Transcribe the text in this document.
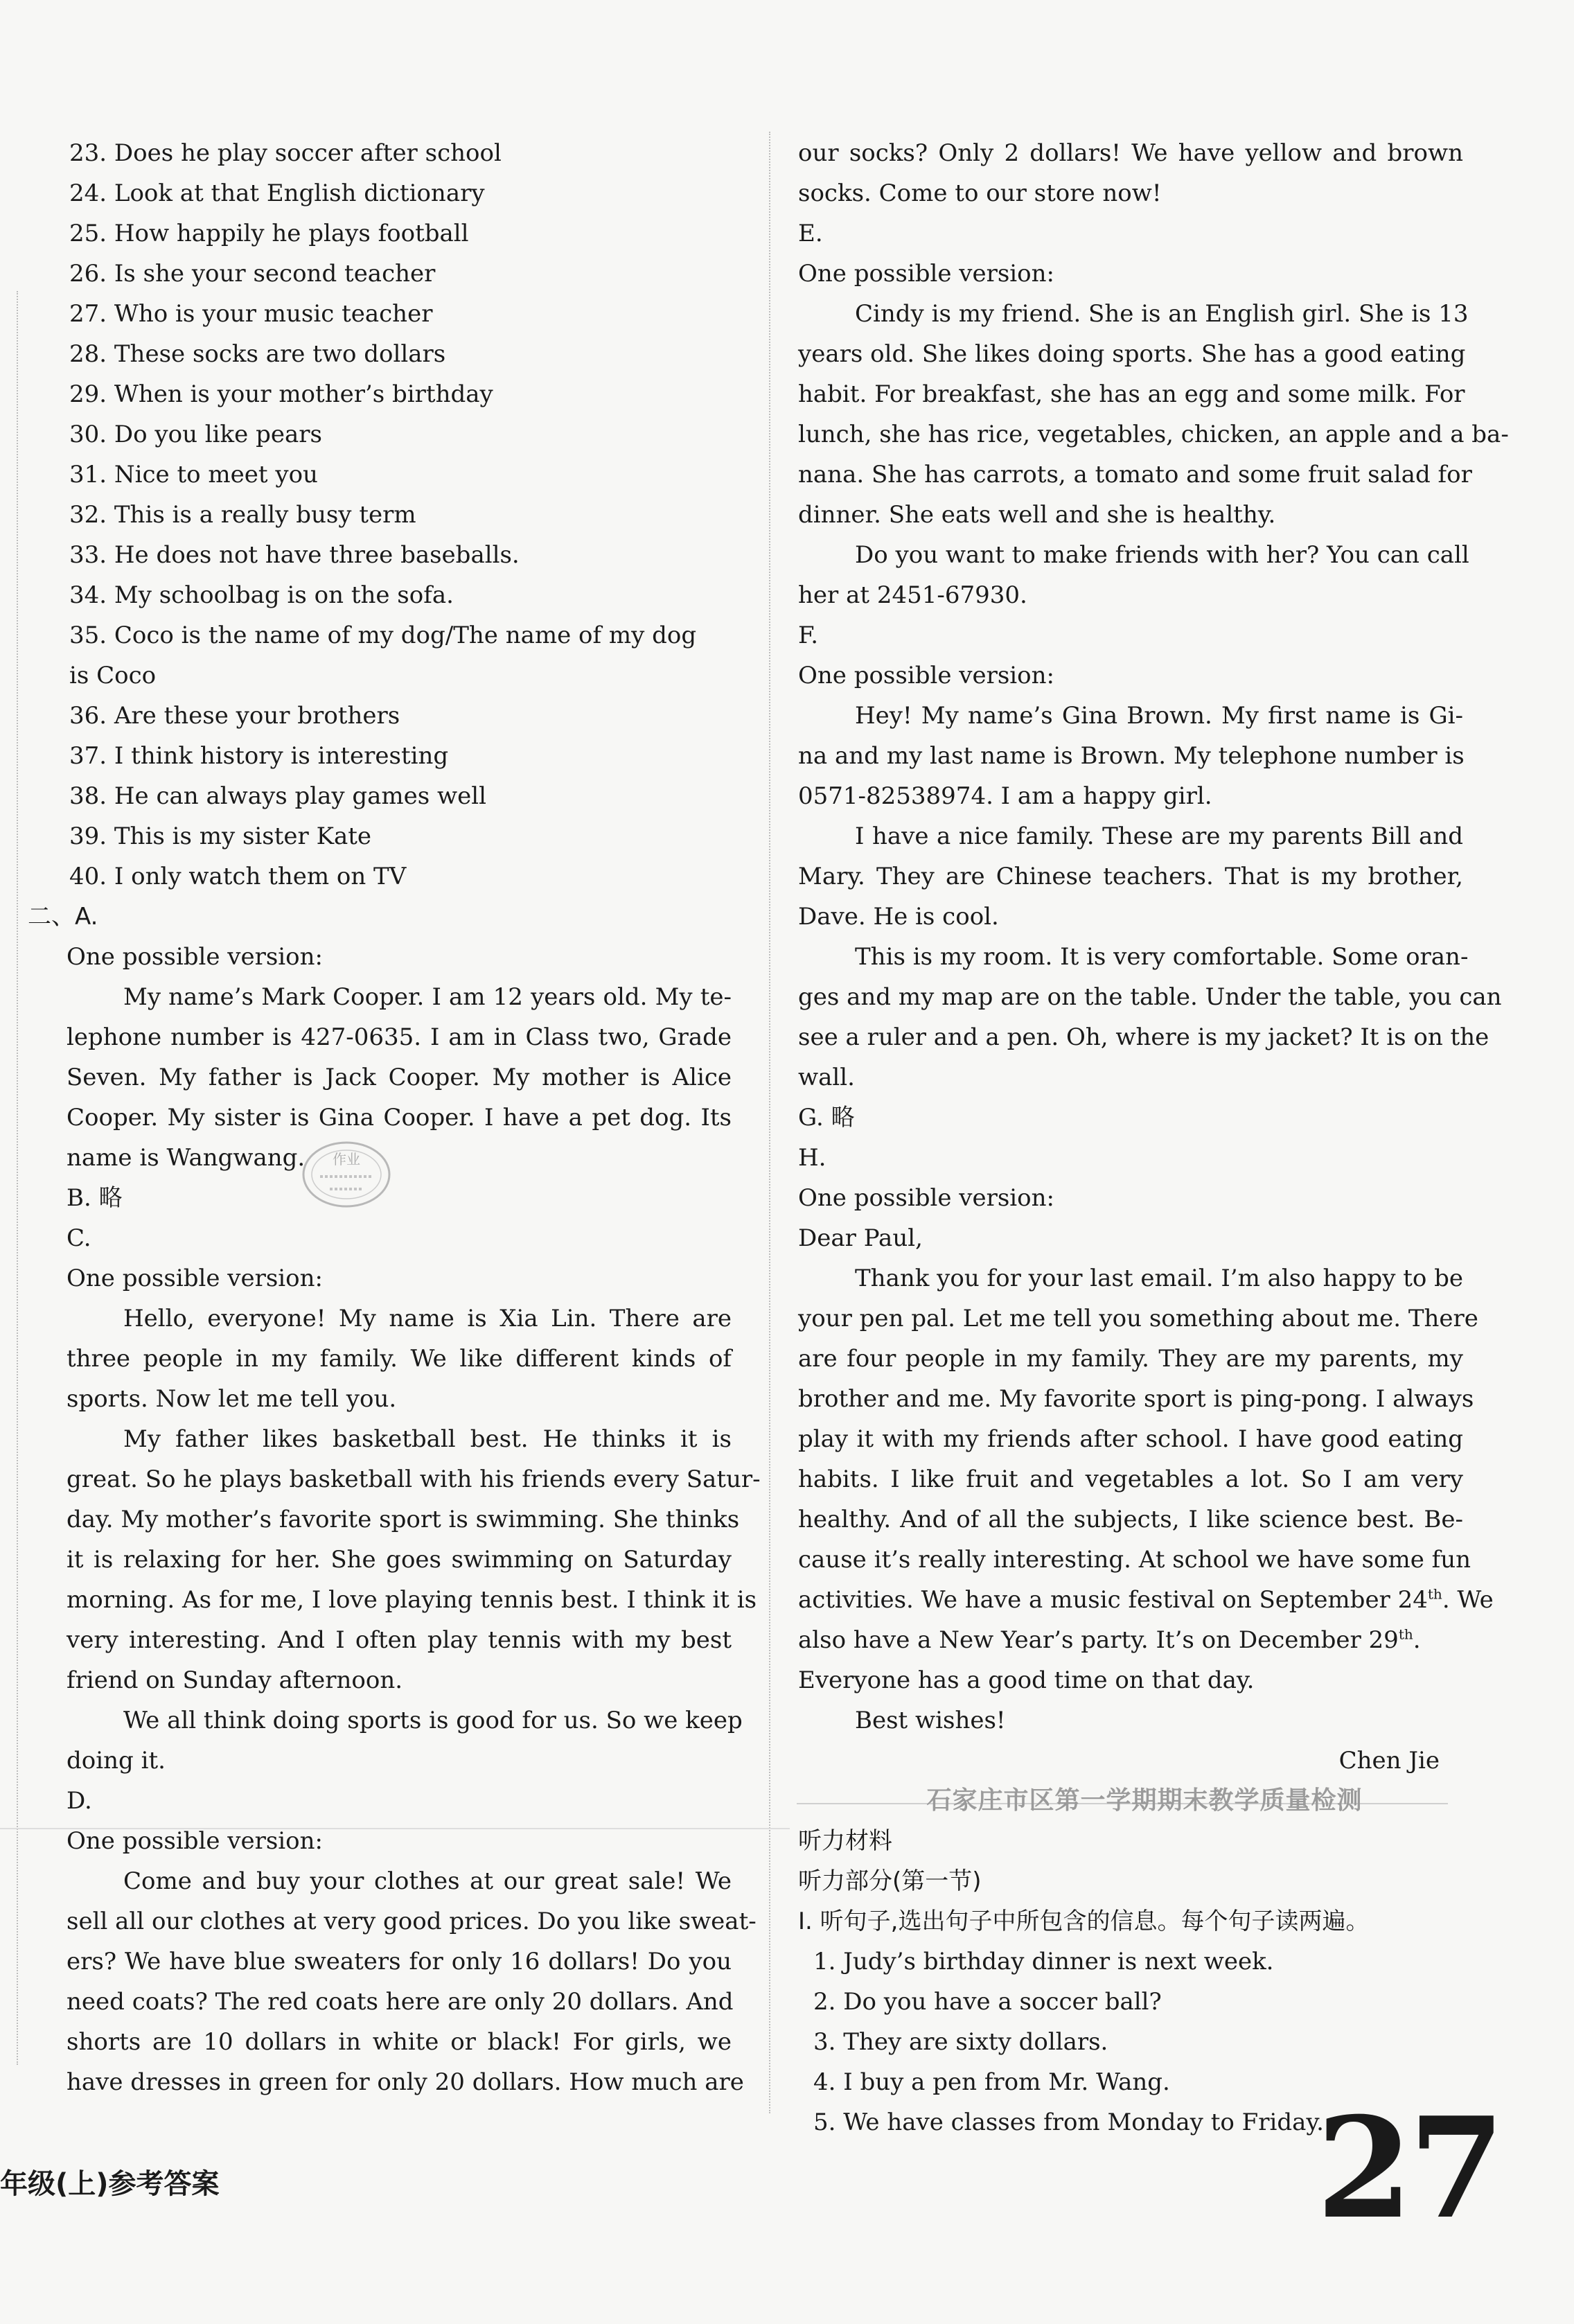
23. Does he play soccer after school
24. Look at that English dictionary
25. How happily he plays football
26. Is she your second teacher
27. Who is your music teacher
28. These socks are two dollars
29. When is your mother’s birthday
30. Do you like pears
31. Nice to meet you
32. This is a really busy term
33. He does not have three baseballs.
34. My schoolbag is on the sofa.
35. Coco is the name of my dog/The name of my dog
is Coco
36. Are these your brothers
37. I think history is interesting
38. He can always play games well
39. This is my sister Kate
40. I only watch them on TV
二、A.
One possible version:
My name’s Mark Cooper. I am 12 years old. My te-
lephone number is 427-0635. I am in Class two, Grade
Seven. My father is Jack Cooper. My mother is Alice
Cooper. My sister is Gina Cooper. I have a pet dog. Its
name is Wangwang.
B. 略
C.
One possible version:
Hello, everyone! My name is Xia Lin. There are
three people in my family. We like different kinds of
sports. Now let me tell you.
My father likes basketball best. He thinks it is
great. So he plays basketball with his friends every Satur-
day. My mother’s favorite sport is swimming. She thinks
it is relaxing for her. She goes swimming on Saturday
morning. As for me, I love playing tennis best. I think it is
very interesting. And I often play tennis with my best
friend on Sunday afternoon.
We all think doing sports is good for us. So we keep
doing it.
D.
One possible version:
Come and buy your clothes at our great sale! We
sell all our clothes at very good prices. Do you like sweat-
ers? We have blue sweaters for only 16 dollars! Do you
need coats? The red coats here are only 20 dollars. And
shorts are 10 dollars in white or black! For girls, we
have dresses in green for only 20 dollars. How much are
our socks? Only 2 dollars! We have yellow and brown
socks. Come to our store now!
E.
One possible version:
Cindy is my friend. She is an English girl. She is 13
years old. She likes doing sports. She has a good eating
habit. For breakfast, she has an egg and some milk. For
lunch, she has rice, vegetables, chicken, an apple and a ba-
nana. She has carrots, a tomato and some fruit salad for
dinner. She eats well and she is healthy.
Do you want to make friends with her? You can call
her at 2451-67930.
F.
One possible version:
Hey! My name’s Gina Brown. My first name is Gi-
na and my last name is Brown. My telephone number is
0571-82538974. I am a happy girl.
I have a nice family. These are my parents Bill and
Mary. They are Chinese teachers. That is my brother,
Dave. He is cool.
This is my room. It is very comfortable. Some oran-
ges and my map are on the table. Under the table, you can
see a ruler and a pen. Oh, where is my jacket? It is on the
wall.
G. 略
H.
One possible version:
Dear Paul,
Thank you for your last email. I’m also happy to be
your pen pal. Let me tell you something about me. There
are four people in my family. They are my parents, my
brother and me. My favorite sport is ping-pong. I always
play it with my friends after school. I have good eating
habits. I like fruit and vegetables a lot. So I am very
healthy. And of all the subjects, I like science best. Be-
cause it’s really interesting. At school we have some fun
activities. We have a music festival on September 24th. We
also have a New Year’s party. It’s on December 29th.
Everyone has a good time on that day.
Best wishes!
Chen Jie
石家庄市区第一学期期末教学质量检测
听力材料
听力部分(第一节)
Ⅰ. 听句子,选出句子中所包含的信息。每个句子读两遍。
1. Judy’s birthday dinner is next week.
2. Do you have a soccer ball?
3. They are sixty dollars.
4. I buy a pen from Mr. Wang.
5. We have classes from Monday to Friday.
作业
年级(上)参考答案	27
